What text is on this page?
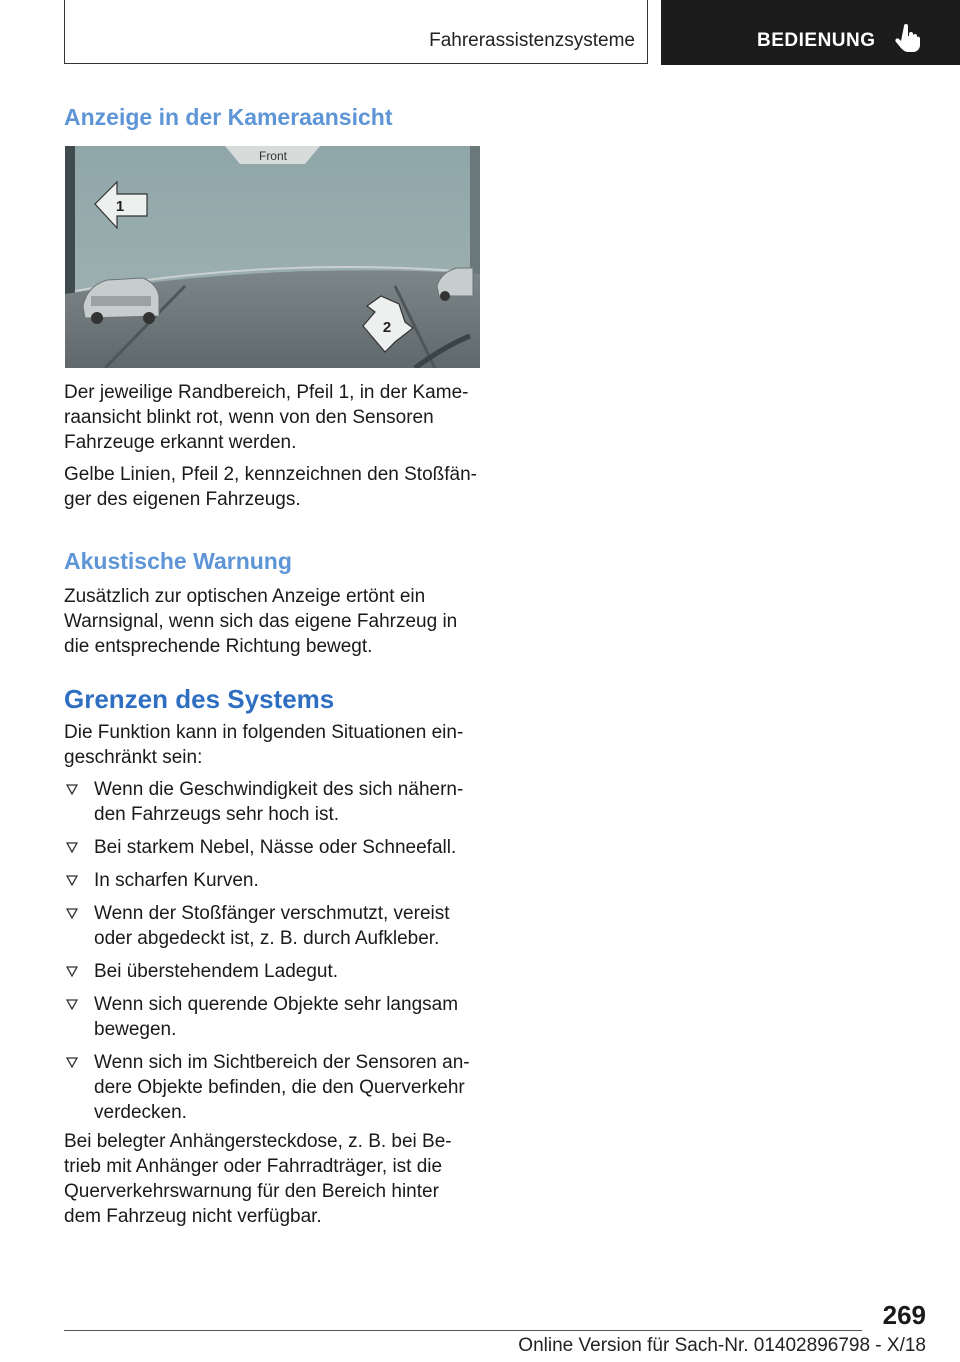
Fahrerassistenzsysteme	BEDIENUNG
Anzeige in der Kameraansicht
Front
1
2

Der jeweilige Randbereich, Pfeil 1, in der Kame-
raansicht blinkt rot, wenn von den Sensoren
Fahrzeuge erkannt werden.

Gelbe Linien, Pfeil 2, kennzeichnen den Stoßfän-
ger des eigenen Fahrzeugs.

Akustische Warnung

Zusätzlich zur optischen Anzeige ertönt ein
Warnsignal, wenn sich das eigene Fahrzeug in
die entsprechende Richtung bewegt.

Grenzen des Systems

Die Funktion kann in folgenden Situationen ein-
geschränkt sein:

Wenn die Geschwindigkeit des sich nähern-
den Fahrzeugs sehr hoch ist.
Bei starkem Nebel, Nässe oder Schneefall.
In scharfen Kurven.
Wenn der Stoßfänger verschmutzt, vereist
oder abgedeckt ist, z. B. durch Aufkleber.
Bei überstehendem Ladegut.
Wenn sich querende Objekte sehr langsam
bewegen.
Wenn sich im Sichtbereich der Sensoren an-
dere Objekte befinden, die den Querverkehr
verdecken.

Bei belegter Anhängersteckdose, z. B. bei Be-
trieb mit Anhänger oder Fahrradträger, ist die
Querverkehrswarnung für den Bereich hinter
dem Fahrzeug nicht verfügbar.

269
Online Version für Sach-Nr. 01402896798 - X/18
